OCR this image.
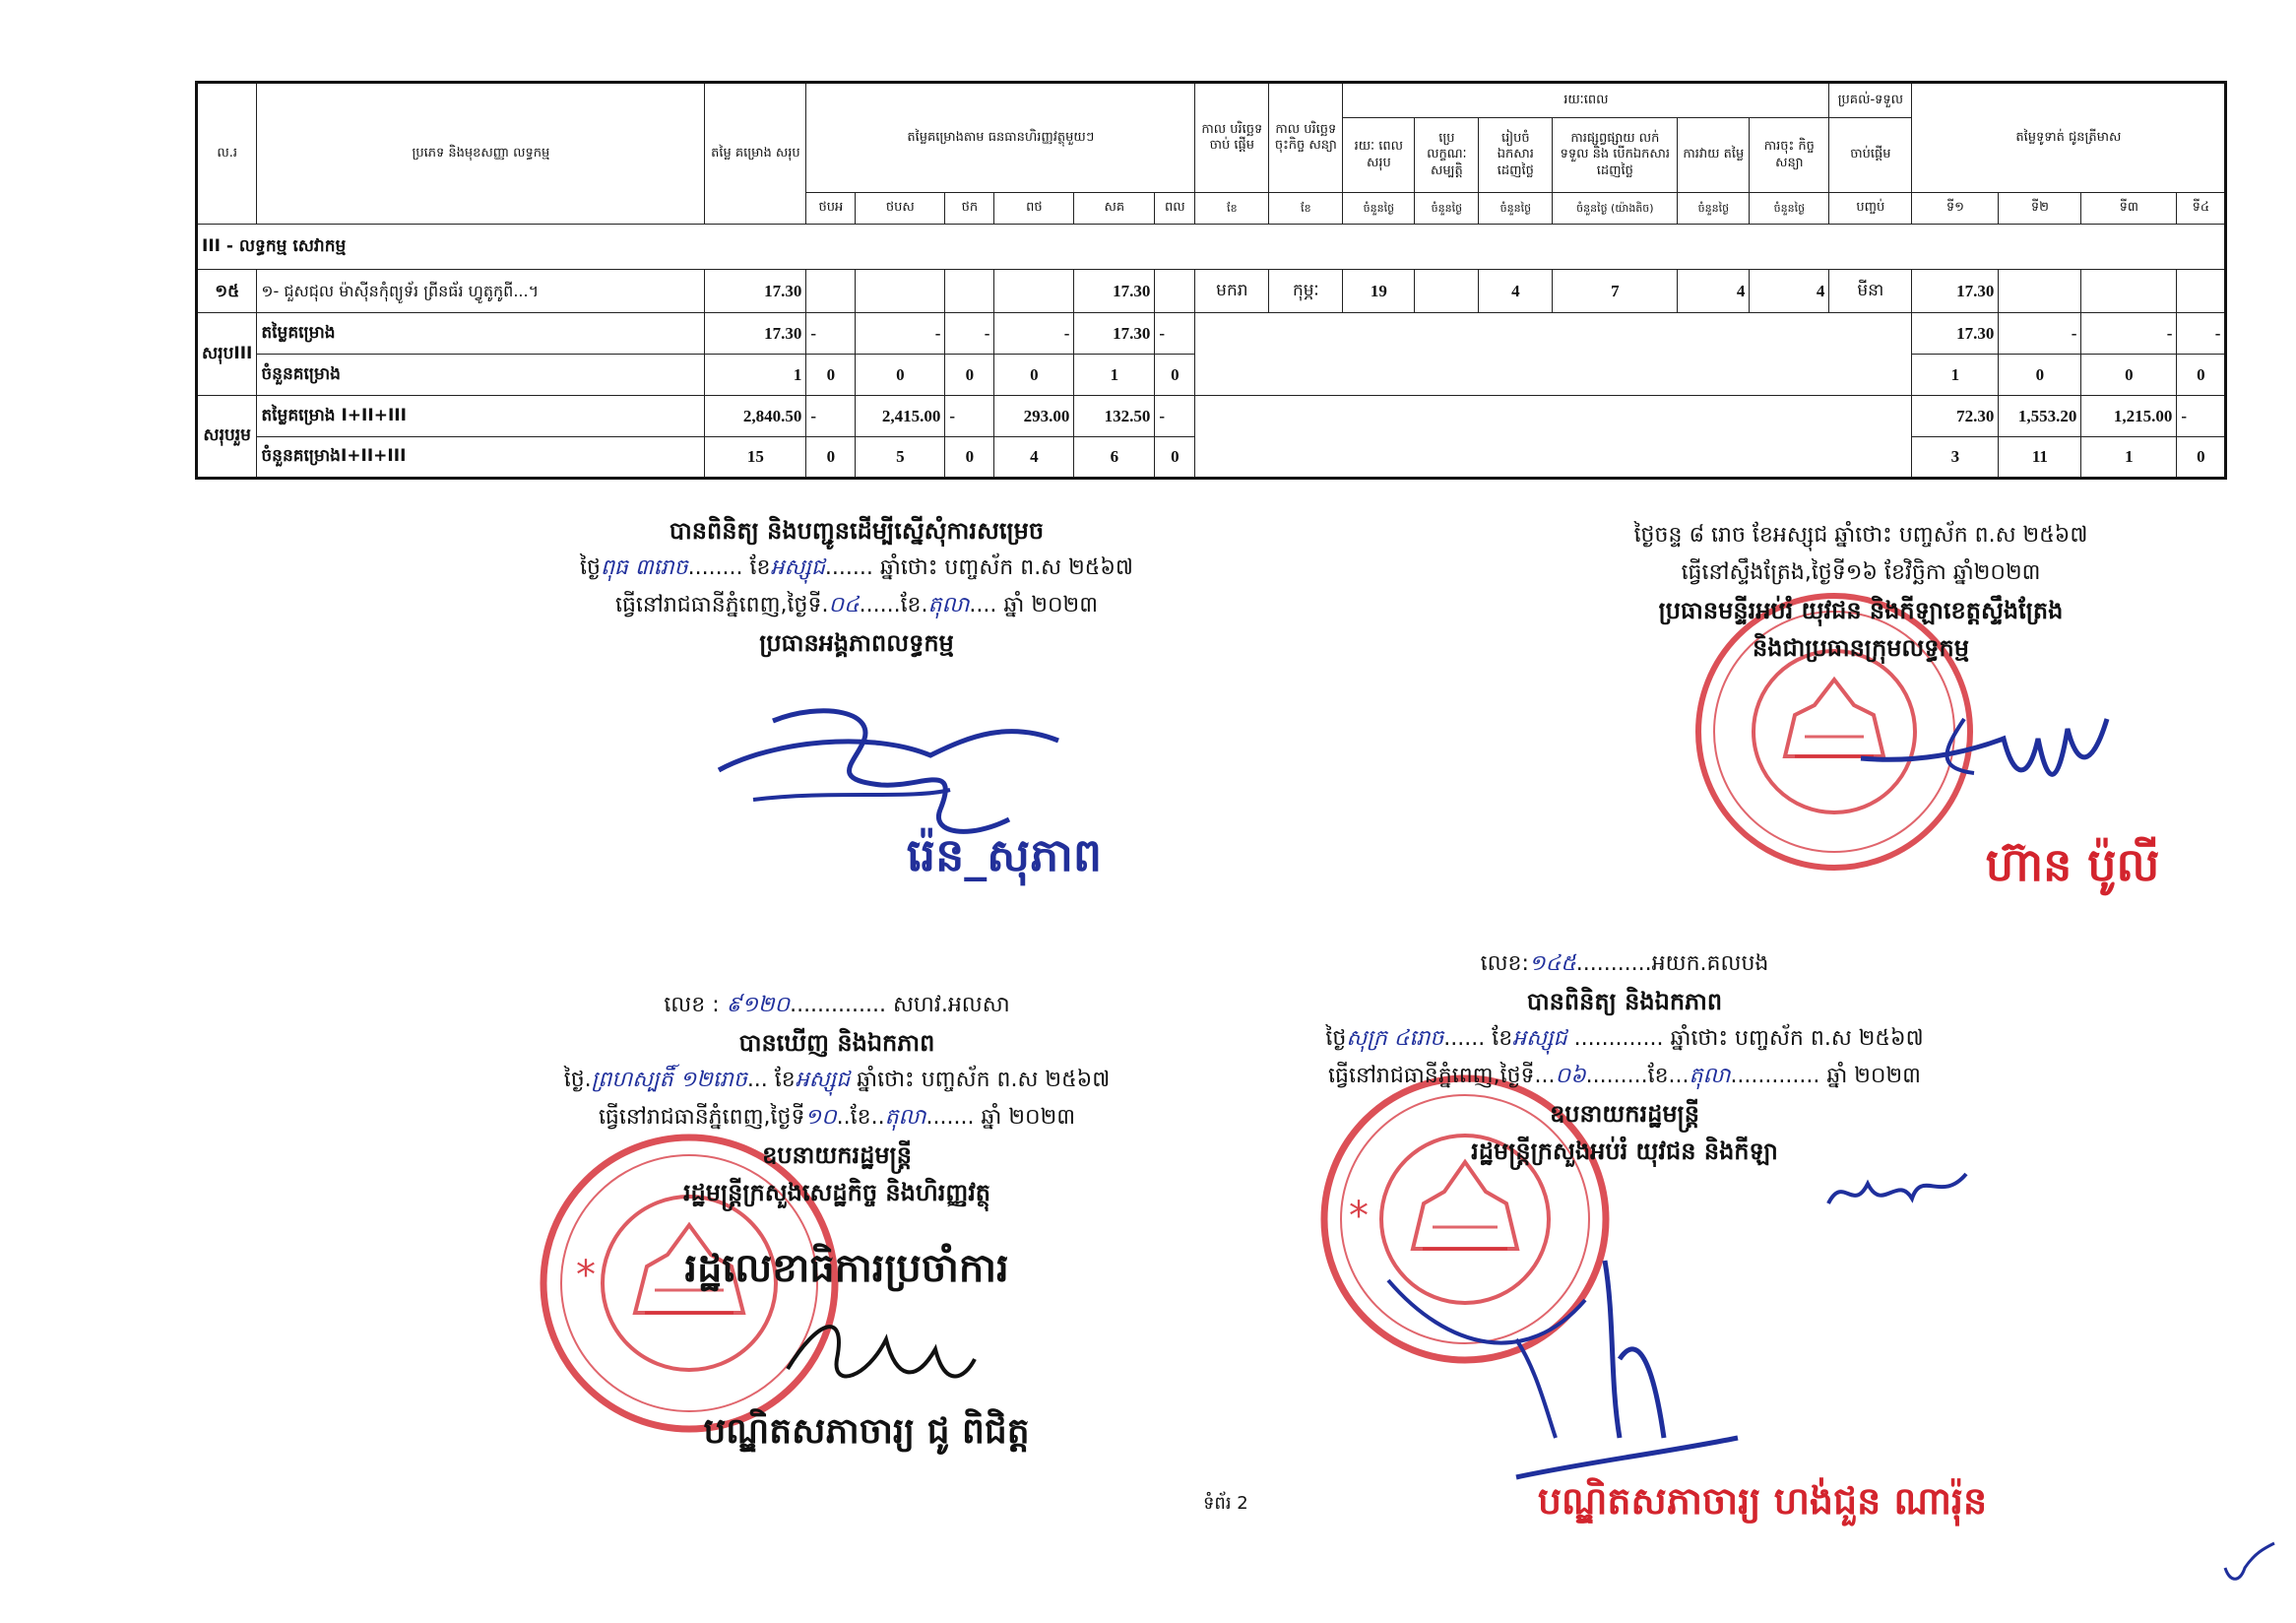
ល.រ	ប្រភេទ និងមុខសញ្ញា លទ្ធកម្ម	តម្លៃ គម្រោង សរុប	តម្លៃគម្រោងតាម ធនធានហិរញ្ញវត្ថុមួយៗ						កាល បរិច្ឆេទ ចាប់ ផ្តើម	កាល បរិច្ឆេទ ចុះកិច្ច សន្យា	រយៈពេល						ប្រគល់-ទទួល	តម្លៃទូទាត់ ជូនត្រីមាស			
											រយៈ ពេល សរុប	ប្រេ លក្ខណៈ សម្បត្តិ	រៀបចំ ឯកសារ ដេញថ្លៃ	ការផ្សព្វផ្សាយ លក់ទទួល និង បើកឯកសារ ដេញថ្លៃ	ការវាយ តម្លៃ	ការចុះ កិច្ចសន្យា	ចាប់ផ្តើម				
			ថបអ	ថបស	ថក	ពថ	សគ	ពល	ខែ	ខែ	ចំនួនថ្ងៃ	ចំនួនថ្ងៃ	ចំនួនថ្ងៃ	ចំនួនថ្ងៃ (យ៉ាងតិច)	ចំនួនថ្ងៃ	ចំនួនថ្ងៃ	បញ្ចប់	ទី១	ទី២	ទី៣	ទី៤
III - លទ្ធកម្ម សេវាកម្ម																					
១៥	១- ជួសជុល ម៉ាស៊ីនកុំព្យូទ័រ ព្រីនធ័រ ហ្វូតូកូពី...។	17.30					17.30		មករា	កុម្ភៈ	19		4	7	4	4	មីនា	17.30			
សរុបIII	តម្លៃគម្រោង	17.30	-	-	-	-	17.30	-										17.30	-	-	-
	ចំនួនគម្រោង	1	0	0	0	0	1	0										1	0	0	0
សរុបរួម	តម្លៃគម្រោង I+II+III	2,840.50	-	2,415.00	-	293.00	132.50	-										72.30	1,553.20	1,215.00	-
	ចំនួនគម្រោងI+II+III	15	0	5	0	4	6	0										3	11	1	0
*
*
បានពិនិត្យ និងបញ្ជូនដើម្បីស្នើសុំការសម្រេច
ថ្ងៃពុធ ៣រោច........ ខែអស្សុជ....... ឆ្នាំថោះ បញ្ចស័ក ព.ស ២៥៦៧
ធ្វើនៅរាជធានីភ្នំពេញ,ថ្ងៃទី.០៤......ខែ.តុលា.... ឆ្នាំ ២០២៣
ប្រធានអង្គភាពលទ្ធកម្ម
រ៉េន_សុភាព
ថ្ងៃចន្ទ ៨ រោច ខែអស្សុជ ឆ្នាំថោះ បញ្ចស័ក ព.ស ២៥៦៧
ធ្វើនៅស្ទឹងត្រែង,ថ្ងៃទី១៦ ខែវិច្ឆិកា ឆ្នាំ២០២៣
ប្រធានមន្ទីរអប់រំ យុវជន និងកីឡាខេត្តស្ទឹងត្រែង
និងជាប្រធានក្រុមលទ្ធកម្ម
ហ៊ាន ប៉ូលី
លេខ : ៩១២០.............. សហវ.អលសា
បានឃើញ និងឯកភាព
ថ្ងៃ.ព្រហស្បតិ៍ ១២រោច... ខែអស្សុជ ឆ្នាំថោះ បញ្ចស័ក ព.ស ២៥៦៧
ធ្វើនៅរាជធានីភ្នំពេញ,ថ្ងៃទី១០..ខែ..តុលា....... ឆ្នាំ ២០២៣
ឧបនាយករដ្ឋមន្ត្រី
រដ្ឋមន្ត្រីក្រសួងសេដ្ឋកិច្ច និងហិរញ្ញវត្ថុ
រដ្ឋលេខាធិការប្រចាំការ
បណ្ឌិតសភាចារ្យ ជូ ពិជិត្ត
លេខ:១៤៥...........អយក.គលបង
បានពិនិត្យ និងឯកភាព
ថ្ងៃសុក្រ ៤រោច...... ខែអស្សុជ ............. ឆ្នាំថោះ បញ្ចស័ក ព.ស ២៥៦៧
ធ្វើនៅរាជធានីភ្នំពេញ,ថ្ងៃទី...០៦.........ខែ...តុលា............. ឆ្នាំ ២០២៣
ឧបនាយករដ្ឋមន្ត្រី
រដ្ឋមន្ត្រីក្រសួងអប់រំ យុវជន និងកីឡា
បណ្ឌិតសភាចារ្យ ហង់ជួន ណារ៉ុន
ទំព័រ 2
